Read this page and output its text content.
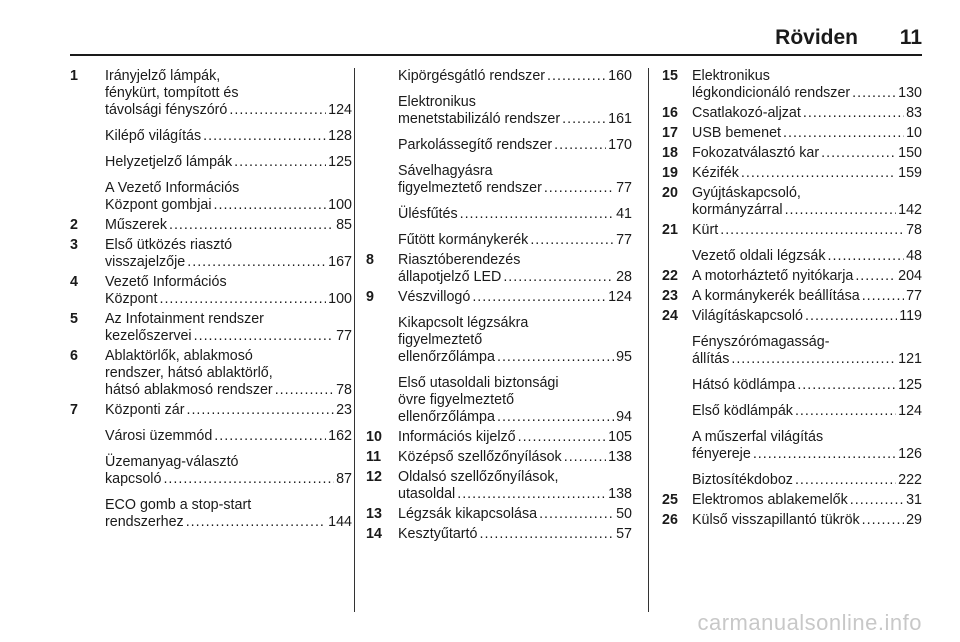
Röviden 11
1 Irányjelző lámpák,
fénykürt, tompított és
távolsági fényszóró .....	124
Kilépő világítás .....	128
Helyzetjelző lámpák .....	125
A Vezető Információs
Központ gombjai .....	100
2 Műszerek .....	85
3 Első ütközés riasztó
visszajelzője .....	167
4 Vezető Információs
Központ .....	100
5 Az Infotainment rendszer
kezelőszervei .....	77
6 Ablaktörlők, ablakmosó
rendszer, hátsó ablaktörlő,
hátsó ablakmosó rendszer .....	78
7 Központi zár .....	23
Városi üzemmód .....	162
Üzemanyag-választó
kapcsoló .....	87
ECO gomb a stop-start
rendszerhez .....	144
Kipörgésgátló rendszer .....	160
Elektronikus
menetstabilizáló rendszer .....	161
Parkolássegítő rendszer .....	170
Sávelhagyásra
figyelmeztető rendszer .....	77
Ülésfűtés .....	41
Fűtött kormánykerék .....	77
8 Riasztóberendezés
állapotjelző LED .....	28
9 Vészvillogó .....	124
Kikapcsolt légzsákra
figyelmeztető
ellenőrzőlámpa .....	95
Első utasoldali biztonsági
övre figyelmeztető
ellenőrzőlámpa .....	94
10 Információs kijelző .....	105
11 Középső szellőzőnyílások .....	138
12 Oldalsó szellőzőnyílások,
utasoldal .....	138
13 Légzsák kikapcsolása .....	50
14 Kesztyűtartó .....	57
15 Elektronikus
légkondicionáló rendszer .....	130
16 Csatlakozó-aljzat .....	83
17 USB bemenet .....	10
18 Fokozatválasztó kar .....	150
19 Kézifék .....	159
20 Gyújtáskapcsoló,
kormányzárral .....	142
21 Kürt .....	78
Vezető oldali légzsák .....	48
22 A motorháztető nyitókarja .....	204
23 A kormánykerék beállítása .....	77
24 Világításkapcsoló .....	119
Fényszórómagasság-
állítás .....	121
Hátsó ködlámpa .....	125
Első ködlámpák .....	124
A műszerfal világítás
fényereje .....	126
Biztosítékdoboz .....	222
25 Elektromos ablakemelők .....	31
26 Külső visszapillantó tükrök .....	29
carmanualsonline.info
